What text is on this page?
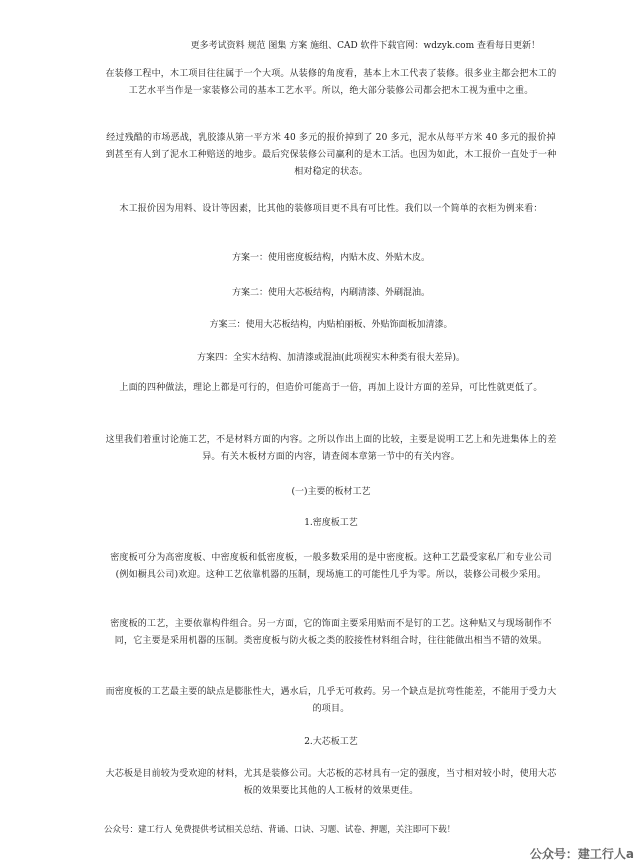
更多考试资料 规范 图集 方案 施组、CAD 软件下载官网：wdzyk.com 查看每日更新！
在装修工程中，木工项目往往属于一个大项。从装修的角度看，基本上木工代表了装修。很多业主都会把木工的工艺水平当作是一家装修公司的基本工艺水平。所以，绝大部分装修公司都会把木工视为重中之重。
经过残酷的市场恶战，乳胶漆从第一平方米 40 多元的报价掉到了 20 多元，泥水从每平方米 40 多元的报价掉到甚至有人到了泥水工种赔送的地步。最后究保装修公司赢利的是木工活。也因为如此，木工报价一直处于一种相对稳定的状态。
木工报价因为用料、设计等因素，比其他的装修项目更不具有可比性。我们以一个简单的衣柜为例来看：
方案一：使用密度板结构，内贴木皮、外贴木皮。
方案二：使用大芯板结构，内刷清漆、外刷混油。
方案三：使用大芯板结构，内贴柏丽板、外贴饰面板加清漆。
方案四：全实木结构、加清漆或混油(此项视实木种类有很大差异)。
上面的四种做法，理论上都是可行的，但造价可能高于一倍，再加上设计方面的差异，可比性就更低了。
这里我们着重讨论施工艺，不是材料方面的内容。之所以作出上面的比较，主要是说明工艺上和先进集体上的差异。有关木板材方面的内容，请查阅本章第一节中的有关内容。
(一)主要的板材工艺
1.密度板工艺
密度板可分为高密度板、中密度板和低密度板，一般多数采用的是中密度板。这种工艺最受家私厂和专业公司(例如橱具公司)欢迎。这种工艺依靠机器的压制，现场施工的可能性几乎为零。所以，装修公司极少采用。
密度板的工艺，主要依靠构件组合。另一方面，它的饰面主要采用贴而不是钉的工艺。这种贴又与现场制作不同，它主要是采用机器的压制。类密度板与防火板之类的胶接性材料组合时，往往能做出相当不错的效果。
而密度板的工艺最主要的缺点是膨胀性大，遇水后，几乎无可救药。另一个缺点是抗弯性能差，不能用于受力大的项目。
2.大芯板工艺
大芯板是目前较为受欢迎的材料，尤其是装修公司。大芯板的芯材具有一定的强度，当寸相对较小时，使用大芯板的效果要比其他的人工板材的效果更佳。
公众号：建工行人 免费提供考试相关总结、背诵、口诀、习题、试卷、押题，关注即可下载！
公众号：建工行人a
